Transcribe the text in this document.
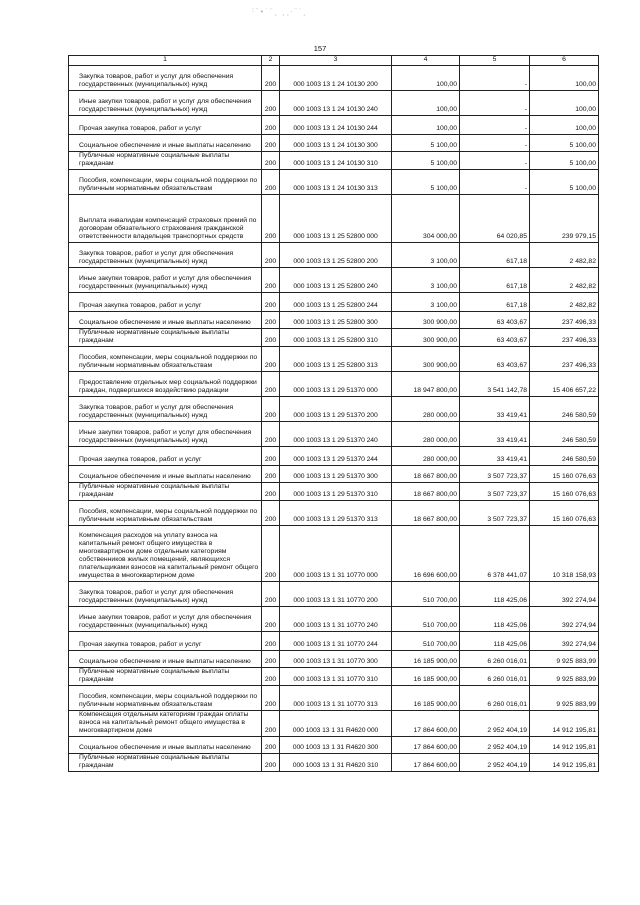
·́¨•˙¨¸ ¸˛·¨˙¸
157
1	2	3	4	5	6
Закупка товаров, работ и услуг для обеспечения государственных (муниципальных) нужд	200	000 1003 13 1 24 10130 200	100,00	-	100,00
Иные закупки товаров, работ и услуг для обеспечения государственных (муниципальных) нужд	200	000 1003 13 1 24 10130 240	100,00	-	100,00
Прочая закупка товаров, работ и услуг	200	000 1003 13 1 24 10130 244	100,00	-	100,00
Социальное обеспечение и иные выплаты населению	200	000 1003 13 1 24 10130 300	5 100,00	-	5 100,00
Публичные нормативные социальные выплаты гражданам	200	000 1003 13 1 24 10130 310	5 100,00	-	5 100,00
Пособия, компенсации, меры социальной поддержки по публичным нормативным обязательствам	200	000 1003 13 1 24 10130 313	5 100,00	-	5 100,00
Выплата инвалидам компенсаций страховых премий по договорам обязательного страхования гражданской ответственности владельцев транспортных средств	200	000 1003 13 1 25 52800 000	304 000,00	64 020,85	239 979,15
Закупка товаров, работ и услуг для обеспечения государственных (муниципальных) нужд	200	000 1003 13 1 25 52800 200	3 100,00	617,18	2 482,82
Иные закупки товаров, работ и услуг для обеспечения государственных (муниципальных) нужд	200	000 1003 13 1 25 52800 240	3 100,00	617,18	2 482,82
Прочая закупка товаров, работ и услуг	200	000 1003 13 1 25 52800 244	3 100,00	617,18	2 482,82
Социальное обеспечение и иные выплаты населению	200	000 1003 13 1 25 52800 300	300 900,00	63 403,67	237 496,33
Публичные нормативные социальные выплаты гражданам	200	000 1003 13 1 25 52800 310	300 900,00	63 403,67	237 496,33
Пособия, компенсации, меры социальной поддержки по публичным нормативным обязательствам	200	000 1003 13 1 25 52800 313	300 900,00	63 403,67	237 496,33
Предоставление отдельных мер социальной поддержки граждан, подвергшихся воздействию радиации	200	000 1003 13 1 29 51370 000	18 947 800,00	3 541 142,78	15 406 657,22
Закупка товаров, работ и услуг для обеспечения государственных (муниципальных) нужд	200	000 1003 13 1 29 51370 200	280 000,00	33 419,41	246 580,59
Иные закупки товаров, работ и услуг для обеспечения государственных (муниципальных) нужд	200	000 1003 13 1 29 51370 240	280 000,00	33 419,41	246 580,59
Прочая закупка товаров, работ и услуг	200	000 1003 13 1 29 51370 244	280 000,00	33 419,41	246 580,59
Социальное обеспечение и иные выплаты населению	200	000 1003 13 1 29 51370 300	18 667 800,00	3 507 723,37	15 160 076,63
Публичные нормативные социальные выплаты гражданам	200	000 1003 13 1 29 51370 310	18 667 800,00	3 507 723,37	15 160 076,63
Пособия, компенсации, меры социальной поддержки по публичным нормативным обязательствам	200	000 1003 13 1 29 51370 313	18 667 800,00	3 507 723,37	15 160 076,63
Компенсация расходов на уплату взноса на капитальный ремонт общего имущества в многоквартирном доме отдельным категориям собственников жилых помещений, являющихся плательщиками взносов на капитальный ремонт общего имущества в многоквартирном доме	200	000 1003 13 1 31 10770 000	16 696 600,00	6 378 441,07	10 318 158,93
Закупка товаров, работ и услуг для обеспечения государственных (муниципальных) нужд	200	000 1003 13 1 31 10770 200	510 700,00	118 425,06	392 274,94
Иные закупки товаров, работ и услуг для обеспечения государственных (муниципальных) нужд	200	000 1003 13 1 31 10770 240	510 700,00	118 425,06	392 274,94
Прочая закупка товаров, работ и услуг	200	000 1003 13 1 31 10770 244	510 700,00	118 425,06	392 274,94
Социальное обеспечение и иные выплаты населению	200	000 1003 13 1 31 10770 300	16 185 900,00	6 260 016,01	9 925 883,99
Публичные нормативные социальные выплаты гражданам	200	000 1003 13 1 31 10770 310	16 185 900,00	6 260 016,01	9 925 883,99
Пособия, компенсации, меры социальной поддержки по публичным нормативным обязательствам	200	000 1003 13 1 31 10770 313	16 185 900,00	6 260 016,01	9 925 883,99
Компенсация отдельным категориям граждан оплаты взноса на капитальный ремонт общего имущества в многоквартирном доме	200	000 1003 13 1 31 R4620 000	17 864 600,00	2 952 404,19	14 912 195,81
Социальное обеспечение и иные выплаты населению	200	000 1003 13 1 31 R4620 300	17 864 600,00	2 952 404,19	14 912 195,81
Публичные нормативные социальные выплаты гражданам	200	000 1003 13 1 31 R4620 310	17 864 600,00	2 952 404,19	14 912 195,81
